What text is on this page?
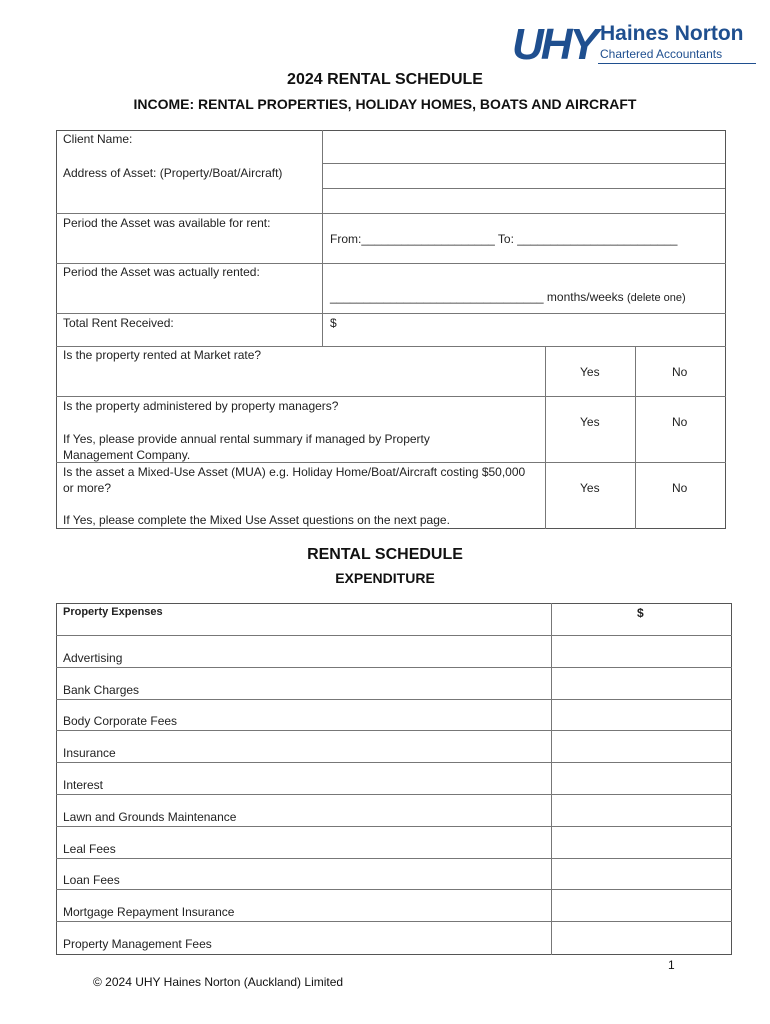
UHY Haines Norton
Chartered Accountants
2024 RENTAL SCHEDULE
INCOME: RENTAL PROPERTIES, HOLIDAY HOMES, BOATS AND AIRCRAFT
Client Name:
Address of Asset: (Property/Boat/Aircraft)
Period the Asset was available for rent:
From:____________________ To: ________________________
Period the Asset was actually rented:
________________________________ months/weeks (delete one)
Total Rent Received:	$
Is the property rented at Market rate?
Yes	No
Is the property administered by property managers?
If Yes, please provide annual rental summary if managed by Property Management Company.
Yes	No
Is the asset a Mixed-Use Asset (MUA) e.g. Holiday Home/Boat/Aircraft costing $50,000 or more?
If Yes, please complete the Mixed Use Asset questions on the next page.
Yes	No
RENTAL SCHEDULE
EXPENDITURE
Property Expenses	$
Advertising
Bank Charges
Body Corporate Fees
Insurance
Interest
Lawn and Grounds Maintenance
Leal Fees
Loan Fees
Mortgage Repayment Insurance
Property Management Fees
1
© 2024 UHY Haines Norton (Auckland) Limited
